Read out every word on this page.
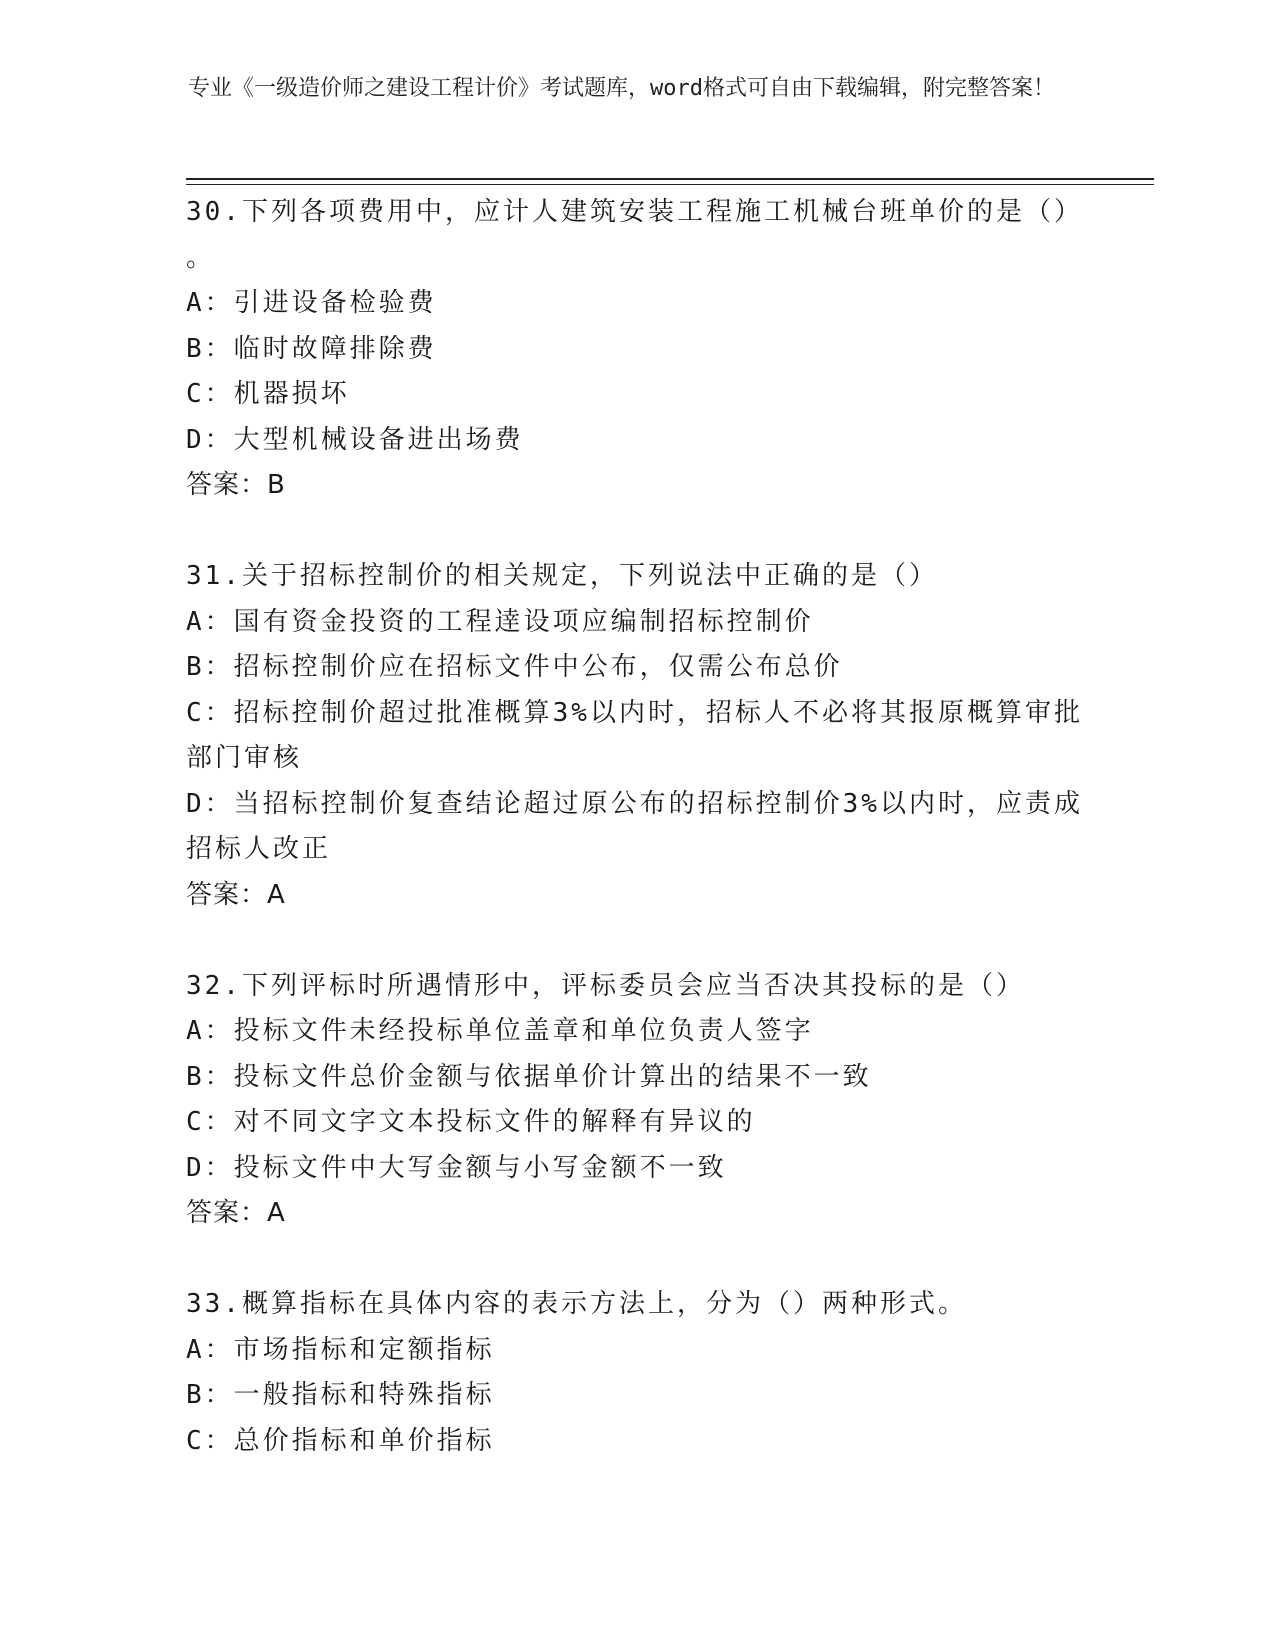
专业《一级造价师之建设工程计价》考试题库，word格式可自由下载编辑，附完整答案！
30.下列各项费用中，应计人建筑安装工程施工机械台班单价的是（）
。
A：引进设备检验费
B：临时故障排除费
C：机器损坏
D：大型机械设备进出场费
答案：B
31.关于招标控制价的相关规定，下列说法中正确的是（）
A：国有资金投资的工程逹设项应编制招标控制价
B：招标控制价应在招标文件中公布，仅需公布总价
C：招标控制价超过批准概算3%以内时，招标人不必将其报原概算审批
部门审核
D：当招标控制价复查结论超过原公布的招标控制价3%以内时，应责成
招标人改正
答案：A
32.下列评标时所遇情形中，评标委员会应当否决其投标的是（）
A：投标文件未经投标单位盖章和单位负责人签字
B：投标文件总价金额与依据单价计算出的结果不一致
C：对不同文字文本投标文件的解释有异议的
D：投标文件中大写金额与小写金额不一致
答案：A
33.概算指标在具体内容的表示方法上，分为（）两种形式。
A：市场指标和定额指标
B：一般指标和特殊指标
C：总价指标和单价指标
